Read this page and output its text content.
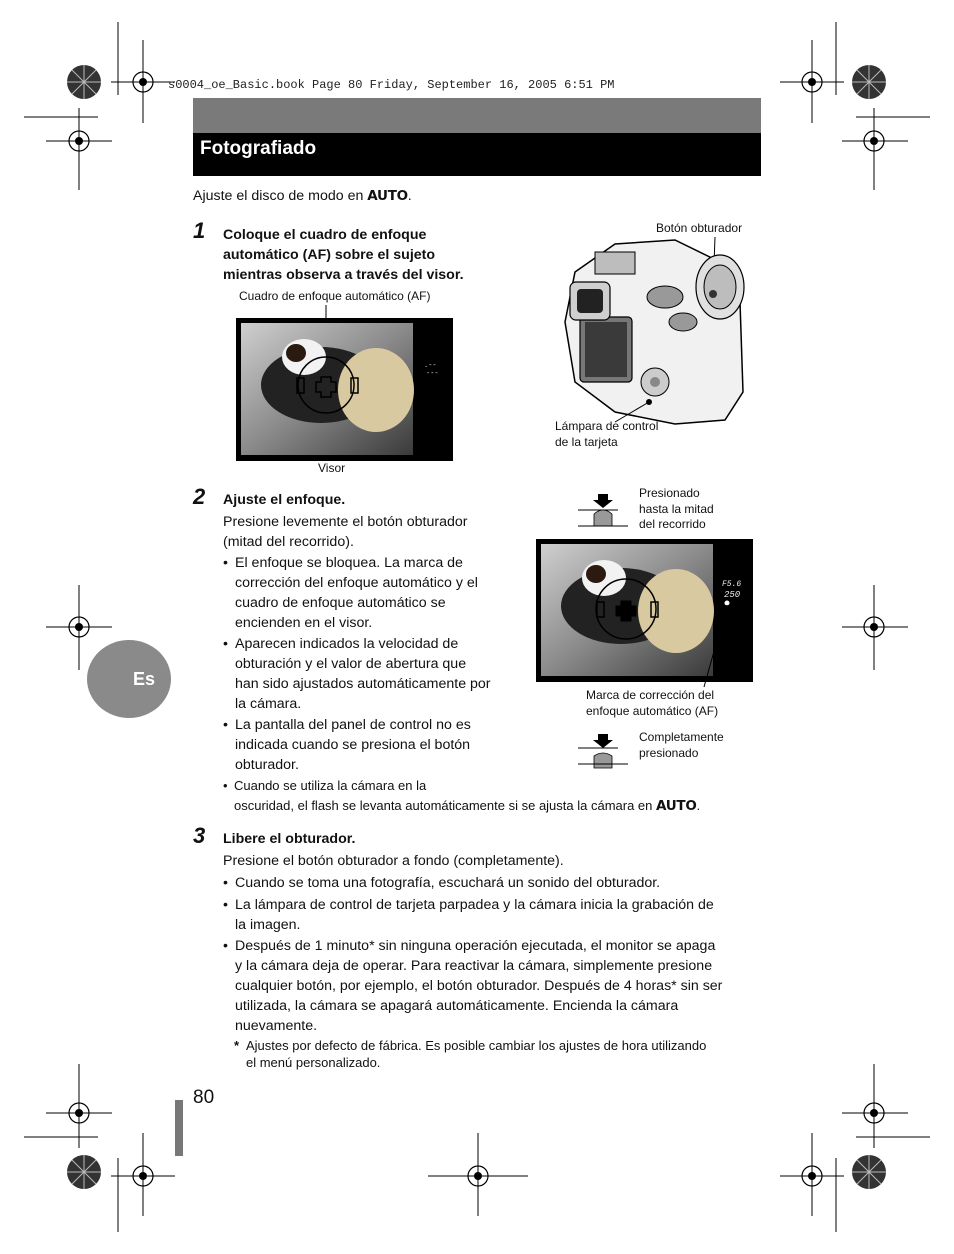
s0004_oe_Basic.book Page 80 Friday, September 16, 2005 6:51 PM
Fotografiado
Ajuste el disco de modo en AUTO.
1 Coloque el cuadro de enfoque
automático (AF) sobre el sujeto
mientras observa a través del visor.
Cuadro de enfoque automático (AF)
.--
---
Visor
Botón obturador
Lámpara de control
de la tarjeta
2 Ajuste el enfoque.
Presione levemente el botón obturador
(mitad del recorrido).
• El enfoque se bloquea. La marca de
corrección del enfoque automático y el
cuadro de enfoque automático se
encienden en el visor.
• Aparecen indicados la velocidad de
obturación y el valor de abertura que
han sido ajustados automáticamente por
la cámara.
• La pantalla del panel de control no es
indicada cuando se presiona el botón
obturador.
• Cuando se utiliza la cámara en la
oscuridad, el flash se levanta automáticamente si se ajusta la cámara en AUTO.
Presionado
hasta la mitad
del recorrido
F5.6
250
Marca de corrección del
enfoque automático (AF)
Completamente
presionado
Es
3 Libere el obturador.
Presione el botón obturador a fondo (completamente).
• Cuando se toma una fotografía, escuchará un sonido del obturador.
• La lámpara de control de tarjeta parpadea y la cámara inicia la grabación de
la imagen.
• Después de 1 minuto* sin ninguna operación ejecutada, el monitor se apaga
y la cámara deja de operar. Para reactivar la cámara, simplemente presione
cualquier botón, por ejemplo, el botón obturador. Después de 4 horas* sin ser
utilizada, la cámara se apagará automáticamente. Encienda la cámara
nuevamente.
* Ajustes por defecto de fábrica. Es posible cambiar los ajustes de hora utilizando
el menú personalizado.
80
